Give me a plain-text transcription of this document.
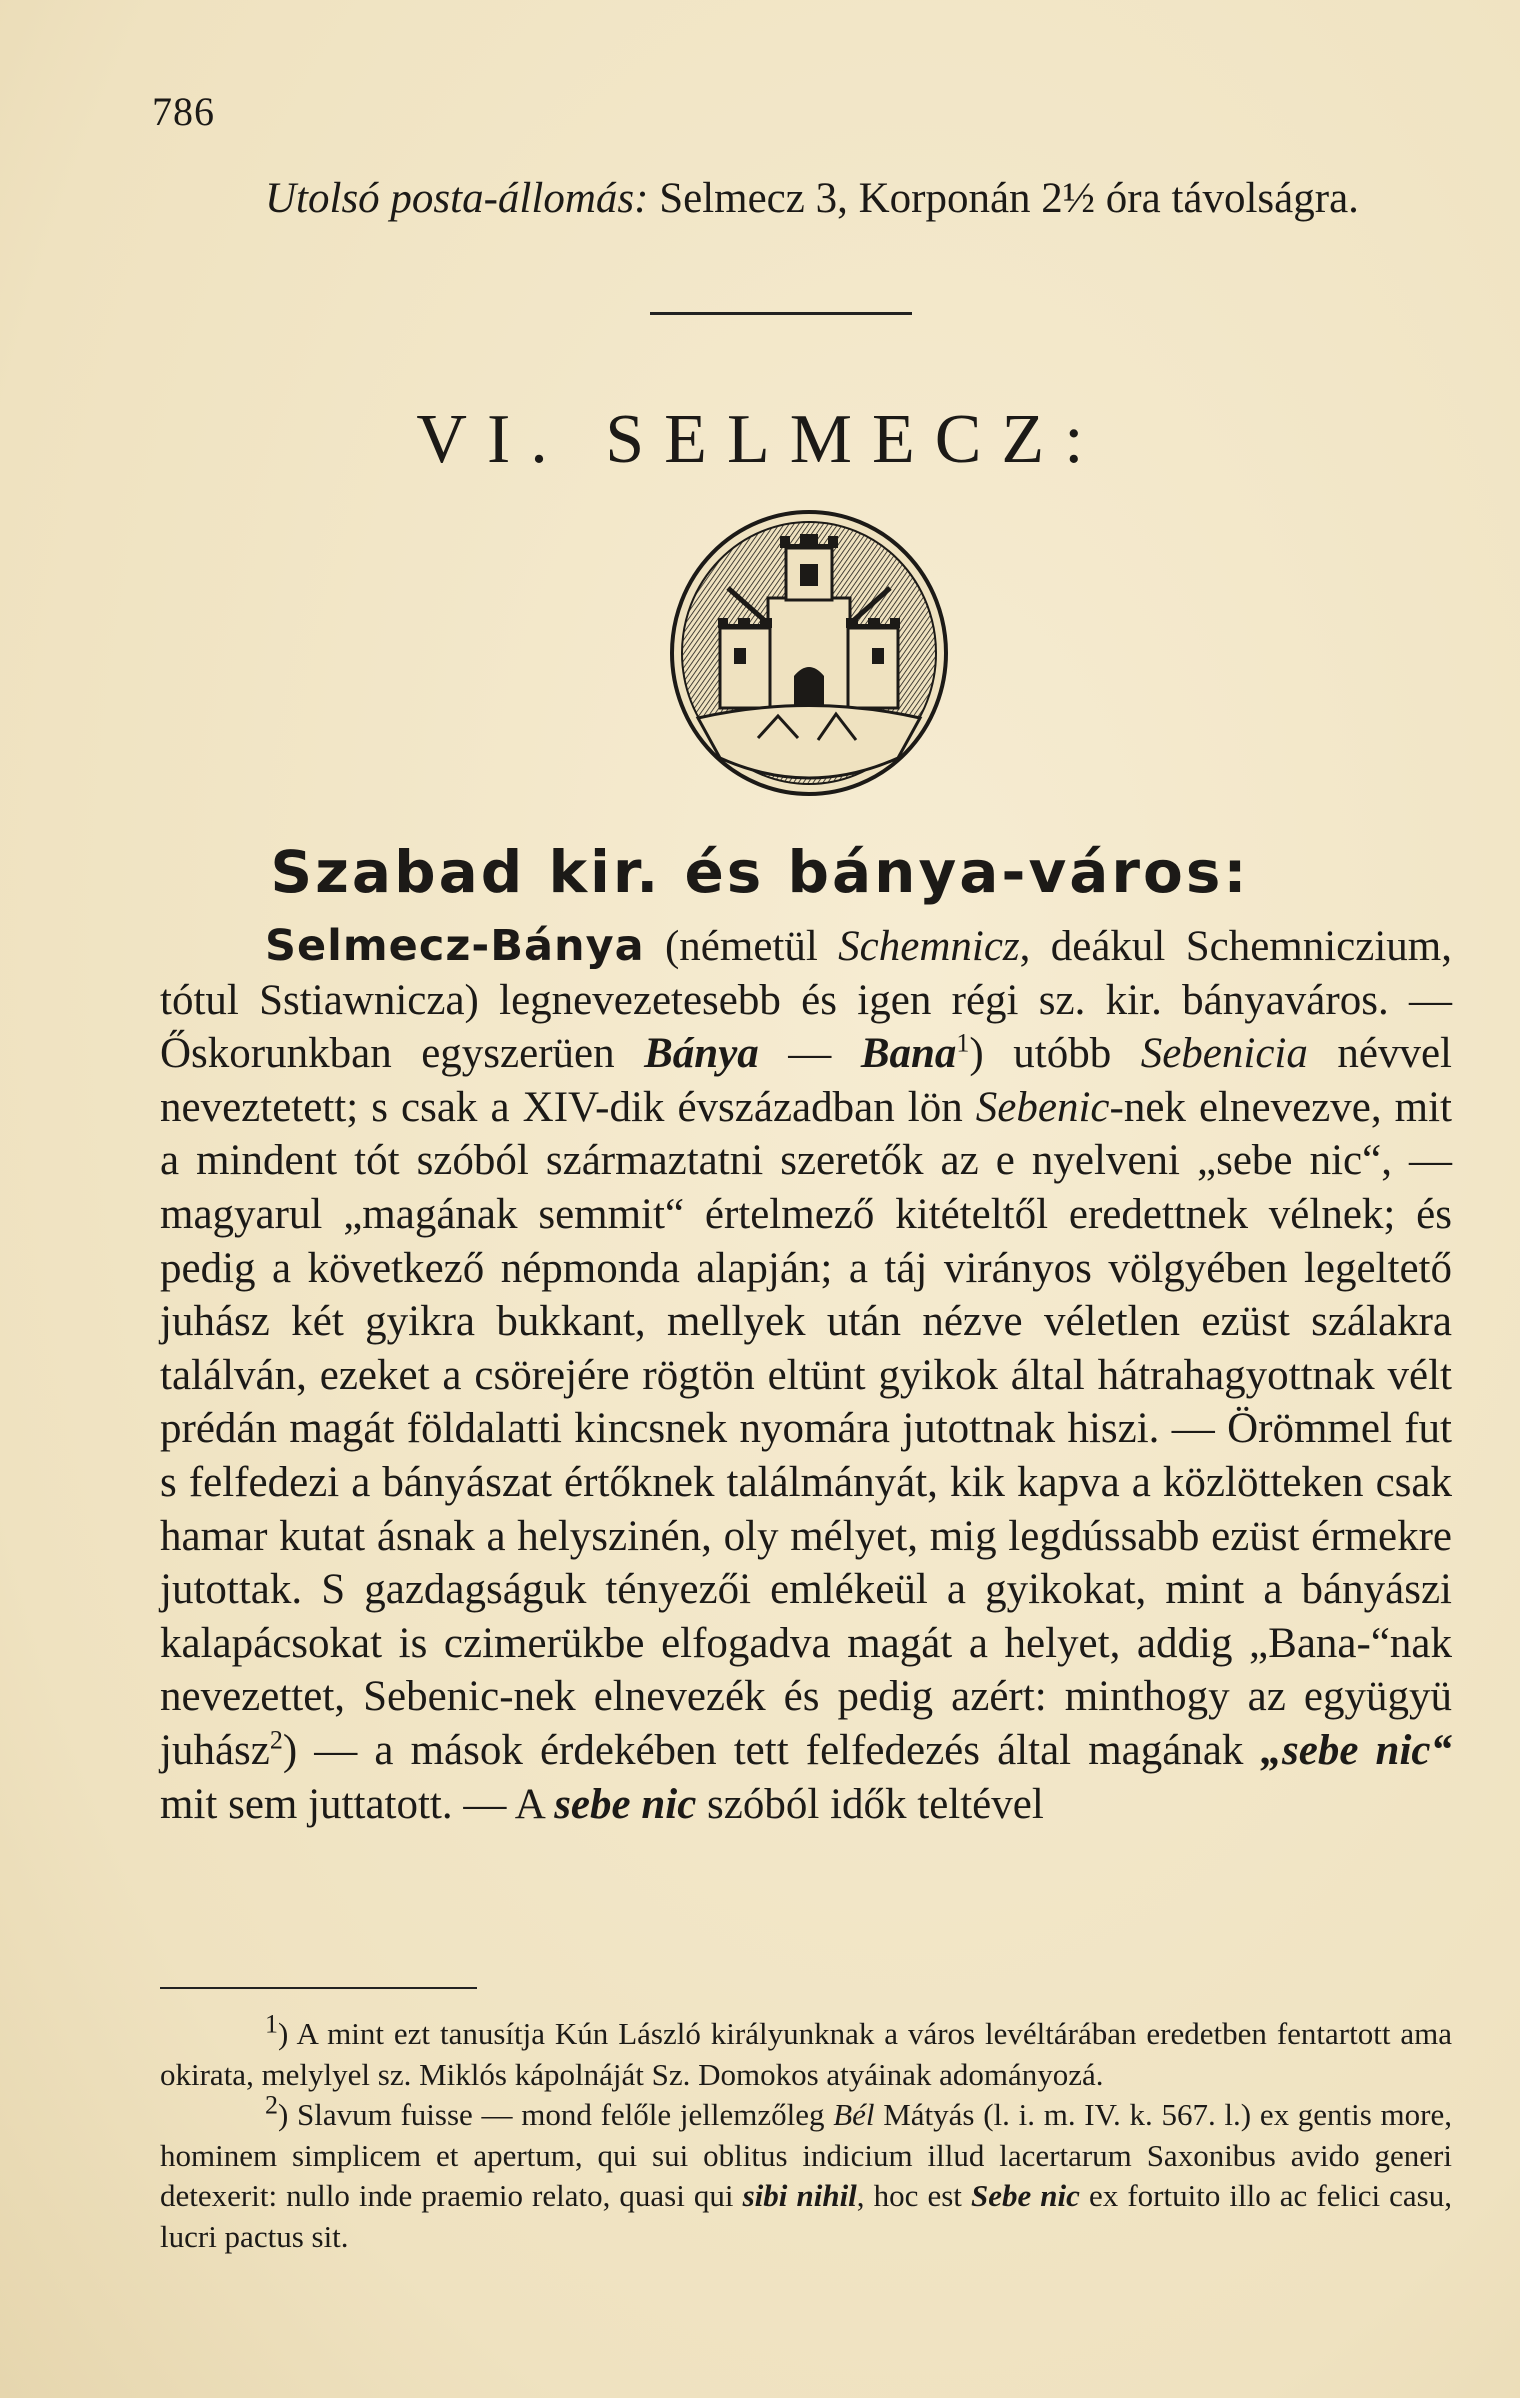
786
Utolsó posta-állomás: Selmecz 3, Korponán 2½ óra távolságra.
VI. SELMECZ:
Szabad kir. és bánya-város:

Selmecz-Bánya (németül Schemnicz, deákul Schemniczium, tótul Sstiawnicza) legnevezetesebb és igen régi sz. kir. bányaváros. — Őskorunkban egyszerüen Bánya — Bana$^1$) utóbb Sebenicia névvel neveztetett; s csak a XIV-dik évszázadban lön Sebenic-nek elnevezve, mit a mindent tót szóból származtatni szeretők az e nyelveni „sebe nic“, — magyarul „magának semmit“ értelmező kitételtől eredettnek vélnek; és pedig a következő népmonda alapján; a táj virányos völgyében legeltető juhász két gyikra bukkant, mellyek után nézve véletlen ezüst szálakra találván, ezeket a csörejére rögtön eltünt gyikok által hátrahagyottnak vélt prédán magát földalatti kincsnek nyomára jutottnak hiszi. — Örömmel fut s felfedezi a bányászat értőknek találmányát, kik kapva a közlötteken csak hamar kutat ásnak a helyszinén, oly mélyet, mig legdússabb ezüst érmekre jutottak. S gazdagságuk tényezői emlékeül a gyikokat, mint a bányászi kalapácsokat is czimerükbe elfogadva magát a helyet, addig „Bana-“nak nevezettet, Sebenic-nek elnevezék és pedig azért: minthogy az együgyü juhász$^2$) — a mások érdekében tett felfedezés által magának „sebe nic“ mit sem juttatott. — A sebe nic szóból idők teltével

$^1$) A mint ezt tanusítja Kún László királyunknak a város levéltárában eredetben fentartott ama okirata, melylyel sz. Miklós kápolnáját Sz. Domokos atyáinak adományozá.

$^2$) Slavum fuisse — mond felőle jellemzőleg Bél Mátyás (l. i. m. IV. k. 567. l.) ex gentis more, hominem simplicem et apertum, qui sui oblitus indicium illud lacertarum Saxonibus avido generi detexerit: nullo inde praemio relato, quasi qui sibi nihil, hoc est Sebe nic ex fortuito illo ac felici casu, lucri pactus sit.
